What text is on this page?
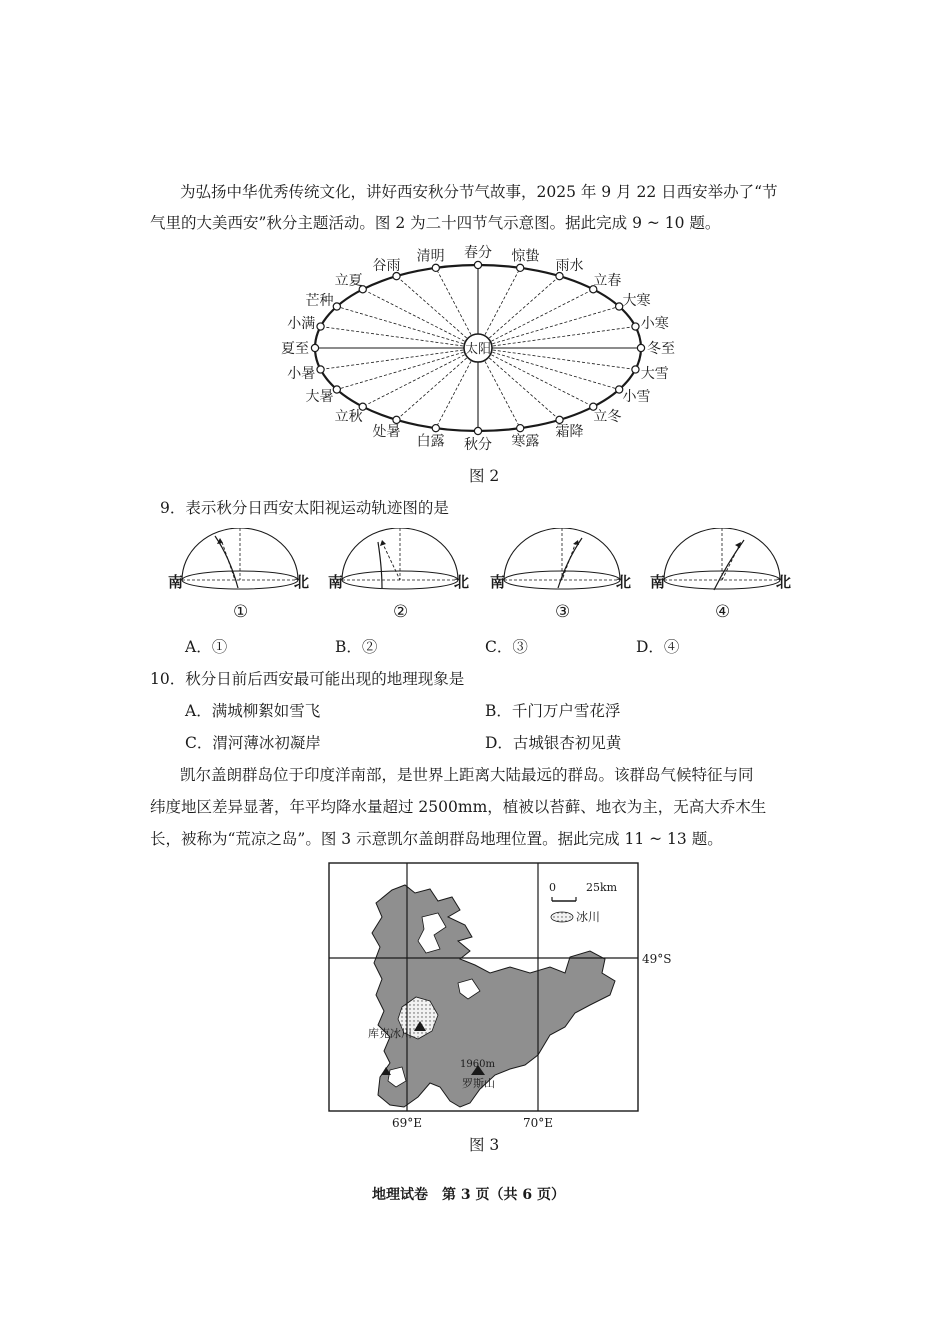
为弘扬中华优秀传统文化，讲好西安秋分节气故事，2025 年 9 月 22 日西安举办了“节
气里的大美西安”秋分主题活动。图 2 为二十四节气示意图。据此完成 9 ~ 10 题。
春分 惊蛰
雨水
立春
大寒
小寒
冬至
大雪
小雪
立冬
霜降
寒露
秋分
白露
处暑
立秋
大暑
小暑
夏至
小满
芒种
立夏
谷雨
清明
太阳
图 2
9．表示秋分日西安太阳视运动轨迹图的是
南	北
①
南	北
②
南	北
③
南	北
④
A．①	B．②	C．③	D．④
10．秋分日前后西安最可能出现的地理现象是
A．满城柳絮如雪飞	B．千门万户雪花浮
C．渭河薄冰初凝岸	D．古城银杏初见黄
凯尔盖朗群岛位于印度洋南部，是世界上距离大陆最远的群岛。该群岛气候特征与同
纬度地区差异显著，年平均降水量超过 2500mm，植被以苔藓、地衣为主，无高大乔木生
长，被称为“荒凉之岛”。图 3 示意凯尔盖朗群岛地理位置。据此完成 11 ~ 13 题。
0	25km
冰川
49°S
库克冰川
1960m
罗斯山
69°E	70°E
图 3
地理试卷　第 3 页（共 6 页）
